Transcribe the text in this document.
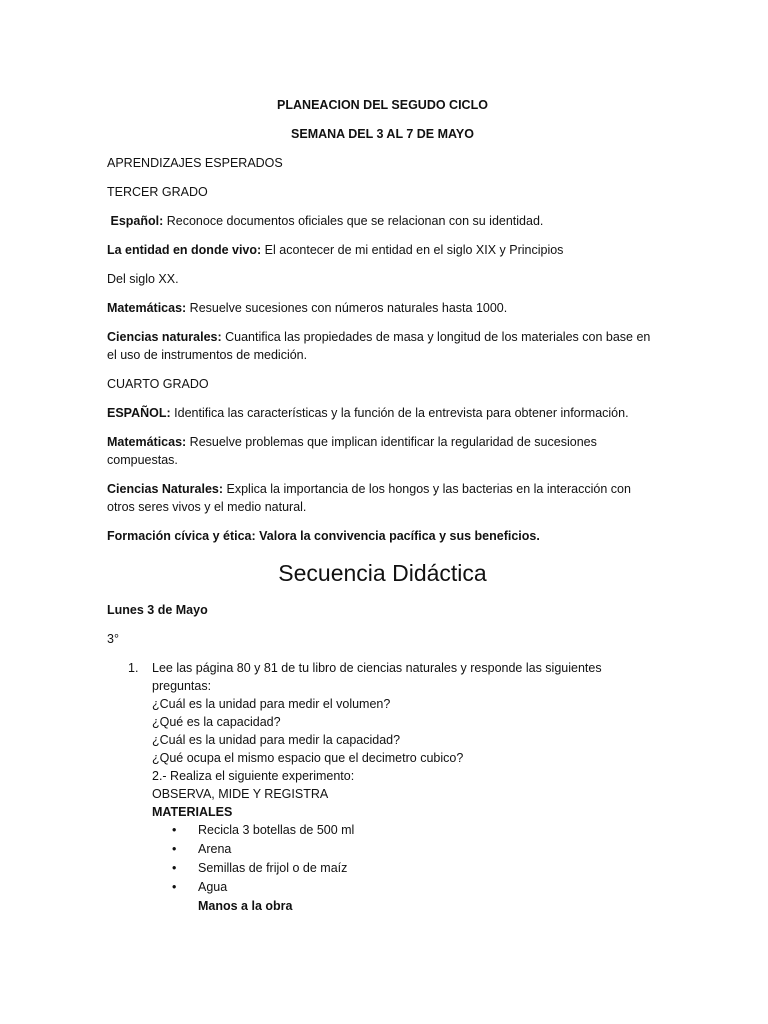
PLANEACION DEL SEGUDO CICLO

SEMANA DEL 3 AL 7 DE MAYO

APRENDIZAJES ESPERADOS

TERCER GRADO

Español: Reconoce documentos oficiales que se relacionan con su identidad.

La entidad en donde vivo: El acontecer de mi entidad en el siglo XIX y Principios

Del siglo XX.

Matemáticas: Resuelve sucesiones con números naturales hasta 1000.

Ciencias naturales: Cuantifica las propiedades de masa y longitud de los materiales con base en el uso de instrumentos de medición.

CUARTO GRADO

ESPAÑOL: Identifica las características y la función de la entrevista para obtener información.

Matemáticas: Resuelve problemas que implican identificar la regularidad de sucesiones compuestas.

Ciencias Naturales: Explica la importancia de los hongos y las bacterias en la interacción con otros seres vivos y el medio natural.

Formación cívica y ética: Valora la convivencia pacífica y sus beneficios.

Secuencia Didáctica

Lunes 3 de Mayo

3°

1. Lee las página 80 y 81 de tu libro de ciencias naturales y responde las siguientes
preguntas:
¿Cuál es la unidad para medir el volumen?
¿Qué es la capacidad?
¿Cuál es la unidad para medir la capacidad?
¿Qué ocupa el mismo espacio que el decimetro cubico?
2.- Realiza el siguiente experimento:
OBSERVA, MIDE Y REGISTRA
MATERIALES
• Recicla 3 botellas de 500 ml
• Arena
• Semillas de frijol o de maíz
• Agua
Manos a la obra
